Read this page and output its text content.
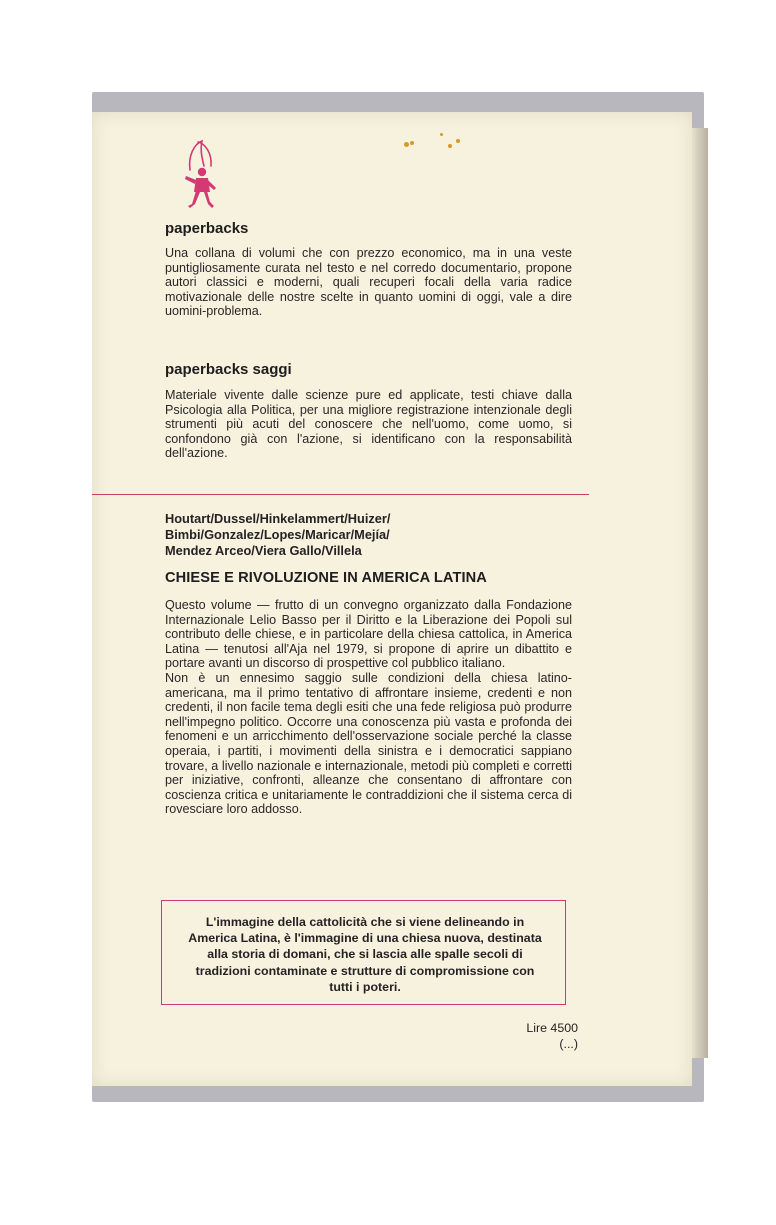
paperbacks

Una collana di volumi che con prezzo economico, ma in una veste puntigliosamente curata nel testo e nel corredo documentario, propone autori classici e moderni, quali recuperi focali della varia radice motivazionale delle nostre scelte in quanto uomini di oggi, vale a dire uomini-problema.

paperbacks saggi

Materiale vivente dalle scienze pure ed applicate, testi chiave dalla Psicologia alla Politica, per una migliore registrazione intenzionale degli strumenti più acuti del conoscere che nell'uomo, come uomo, si confondono già con l'azione, si identificano con la responsabilità dell'azione.

Houtart/Dussel/Hinkelammert/Huizer/
Bimbi/Gonzalez/Lopes/Maricar/Mejía/
Mendez Arceo/Viera Gallo/Villela
CHIESE E RIVOLUZIONE IN AMERICA LATINA

Questo volume — frutto di un convegno organizzato dalla Fondazione Internazionale Lelio Basso per il Diritto e la Liberazione dei Popoli sul contributo delle chiese, e in particolare della chiesa cattolica, in America Latina — tenutosi all'Aja nel 1979, si propone di aprire un dibattito e portare avanti un discorso di prospettive col pubblico italiano.

Non è un ennesimo saggio sulle condizioni della chiesa latino-americana, ma il primo tentativo di affrontare insieme, credenti e non credenti, il non facile tema degli esiti che una fede religiosa può produrre nell'impegno politico. Occorre una conoscenza più vasta e profonda dei fenomeni e un arricchimento dell'osservazione sociale perché la classe operaia, i partiti, i movimenti della sinistra e i democratici sappiano trovare, a livello nazionale e internazionale, metodi più completi e corretti per iniziative, confronti, alleanze che consentano di affrontare con coscienza critica e unitariamente le contraddizioni che il sistema cerca di rovesciare loro addosso.

L'immagine della cattolicità che si viene delineando in America Latina, è l'immagine di una chiesa nuova, destinata alla storia di domani, che si lascia alle spalle secoli di tradizioni contaminate e strutture di compromissione con tutti i poteri.
Lire 4500
(...)
